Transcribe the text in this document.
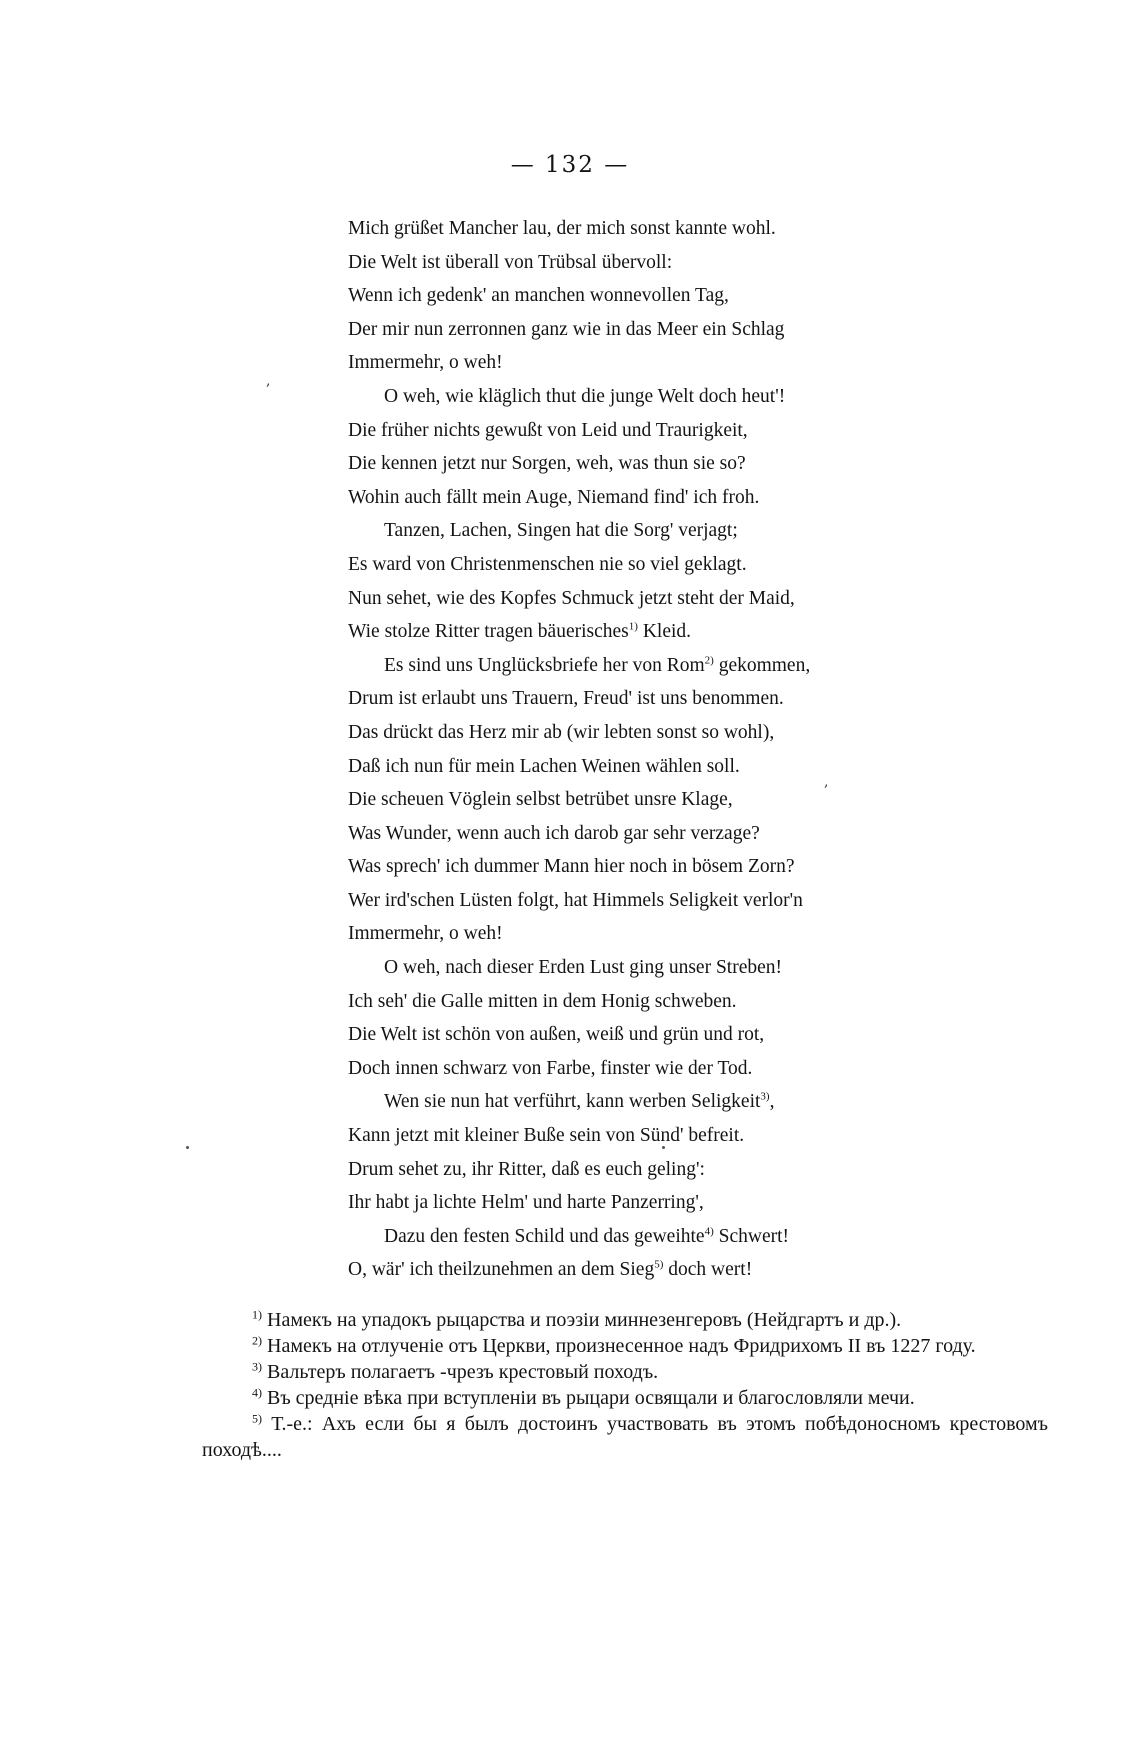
— 132 —
Mich grüßet Mancher lau, der mich sonst kannte wohl.
Die Welt ist überall von Trübsal übervoll:
Wenn ich gedenk' an manchen wonnevollen Tag,
Der mir nun zerronnen ganz wie in das Meer ein Schlag
Immermehr, o weh!
O weh, wie kläglich thut die junge Welt doch heut'!
Die früher nichts gewußt von Leid und Traurigkeit,
Die kennen jetzt nur Sorgen, weh, was thun sie so?
Wohin auch fällt mein Auge, Niemand find' ich froh.
Tanzen, Lachen, Singen hat die Sorg' verjagt;
Es ward von Christenmenschen nie so viel geklagt.
Nun sehet, wie des Kopfes Schmuck jetzt steht der Maid,
Wie stolze Ritter tragen bäuerisches$^{1)}$ Kleid.
Es sind uns Unglücksbriefe her von Rom$^{2)}$ gekommen,
Drum ist erlaubt uns Trauern, Freud' ist uns benommen.
Das drückt das Herz mir ab (wir lebten sonst so wohl),
Daß ich nun für mein Lachen Weinen wählen soll.
Die scheuen Vöglein selbst betrübet unsre Klage,
Was Wunder, wenn auch ich darob gar sehr verzage?
Was sprech' ich dummer Mann hier noch in bösem Zorn?
Wer ird'schen Lüsten folgt, hat Himmels Seligkeit verlor'n
Immermehr, o weh!
O weh, nach dieser Erden Lust ging unser Streben!
Ich seh' die Galle mitten in dem Honig schweben.
Die Welt ist schön von außen, weiß und grün und rot,
Doch innen schwarz von Farbe, finster wie der Tod.
Wen sie nun hat verführt, kann werben Seligkeit$^{3)}$,
Kann jetzt mit kleiner Buße sein von Sünd' befreit.
Drum sehet zu, ihr Ritter, daß es euch geling':
Ihr habt ja lichte Helm' und harte Panzerring',
Dazu den festen Schild und das geweihte$^{4)}$ Schwert!
O, wär' ich theilzunehmen an dem Sieg$^{5)}$ doch wert!
,
,

$^{1)}$ Намекъ на упадокъ рыцарства и поэзіи миннезенгеровъ (Нейдгартъ и др.).

$^{2)}$ Намекъ на отлученіе отъ Церкви, произнесенное надъ Фридрихомъ II въ 1227 году.

$^{3)}$ Вальтеръ полагаетъ -чрезъ крестовый походъ.

$^{4)}$ Въ средніе вѣка при вступленіи въ рыцари освящали и благословляли мечи.

$^{5)}$ Т.-е.: Ахъ если бы я былъ достоинъ участвовать въ этомъ побѣдоносномъ крестовомъ походѣ....
